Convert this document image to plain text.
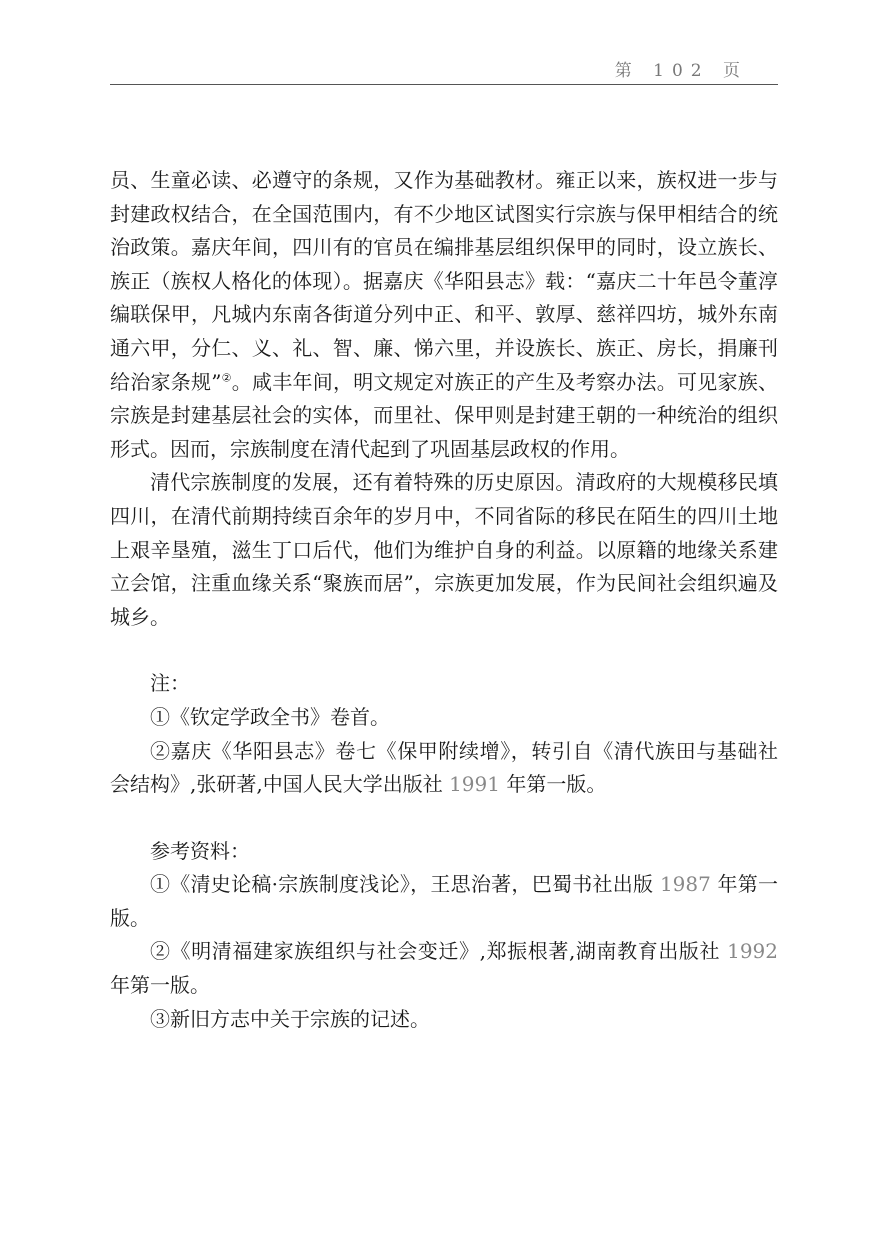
第 102 页

员、生童必读、必遵守的条规，又作为基础教材。雍正以来，族权进一步与封建政权结合，在全国范围内，有不少地区试图实行宗族与保甲相结合的统治政策。嘉庆年间，四川有的官员在编排基层组织保甲的同时，设立族长、族正（族权人格化的体现）。据嘉庆《华阳县志》载：“嘉庆二十年邑令董淳编联保甲，凡城内东南各街道分列中正、和平、敦厚、慈祥四坊，城外东南通六甲，分仁、义、礼、智、廉、悌六里，并设族长、族正、房长，捐廉刊给治家条规”②。咸丰年间，明文规定对族正的产生及考察办法。可见家族、宗族是封建基层社会的实体，而里社、保甲则是封建王朝的一种统治的组织形式。因而，宗族制度在清代起到了巩固基层政权的作用。

清代宗族制度的发展，还有着特殊的历史原因。清政府的大规模移民填四川，在清代前期持续百余年的岁月中，不同省际的移民在陌生的四川土地上艰辛垦殖，滋生丁口后代，他们为维护自身的利益。以原籍的地缘关系建立会馆，注重血缘关系“聚族而居”，宗族更加发展，作为民间社会组织遍及城乡。

注：

①《钦定学政全书》卷首。

②嘉庆《华阳县志》卷七《保甲附续增》，转引自《清代族田与基础社会结构》,张研著,中国人民大学出版社 1991 年第一版。

参考资料：

①《清史论稿·宗族制度浅论》，王思治著，巴蜀书社出版 1987 年第一版。

②《明清福建家族组织与社会变迁》,郑振根著,湖南教育出版社 1992 年第一版。

③新旧方志中关于宗族的记述。
